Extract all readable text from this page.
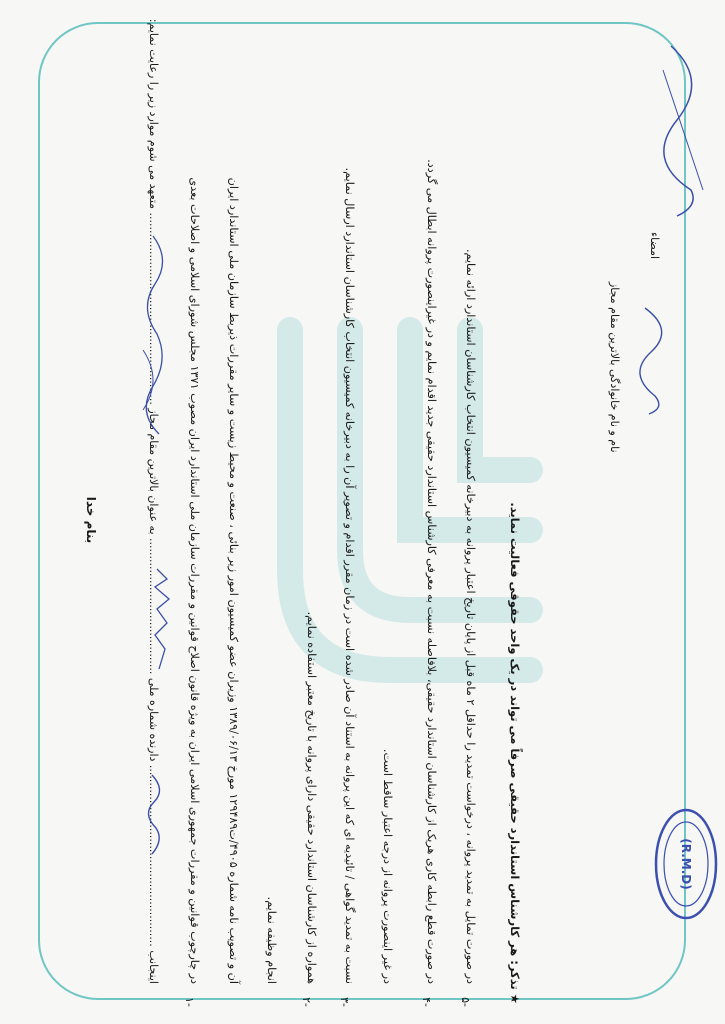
بنام خدا	اینجانب .................................................... دارنده شماره ملی ....................................... به عنوان بالاترین مقام مجاز ....................................................... متعهد می شوم موارد زیر را رعایت نمایم:
۱-
در چارچوب قوانین و مقررات جمهوری اسلامی ایران به ویژه قانون اصلاح قوانین و مقررات سازمان ملی استاندارد ایران مصوب ۱۳۷۱ مجلس شورای اسلامی و اصلاحات بعدی آن و تصویب نامه شماره ۴۹۰۵/ت۱۲۹۴۸۹ مورخ ۱۳۸۹/۰۶/۱۳ وزیران عضو کمیسیون امور زیر بنائی ، صنعت و محیط زیست و سایر مقررات ذیربط سازمان ملی استاندارد ایران انجام وظیفه نمایم.
۲-
همواره از کارشناسان استاندارد حقیقی دارای پروانه با تاریخ معتبر استفاده نمایم.
۳-
نسبت به تمدید گواهی / تائیدیه ای که این پروانه به استناد آن صادر شده است در زمان مقرر اقدام و تصویر آن را به دبیرخانه کمیسیون انتخاب کارشناسان استاندارد ارسال نمایم. در غیر اینصورت پروانه از درجه اعتبار ساقط است.
۴-
در صورت قطع رابطه کاری هریک از کارشناسان استاندارد حقیقی، بلافاصله نسبت به معرفی کارشناس استاندارد حقیقی جدید اقدام نمایم و در غیراینصورت پروانه ابطال می گردد.
۵-
در صورت تمایل به تمدید پروانه ، درخواست تمدید را حداقل ۲ ماه قبل از پایان تاریخ اعتبار پروانه به دبیرخانه کمیسیون انتخاب کارشناسان استاندارد ارائه نمایم.
★ تذکر: هر کارشناس استاندارد حقیقی صرفاً می تواند در یک واحد حقوقی فعالیت نماید.
نام و نام خانوادگی بالاترین مقام مجاز
امضاء
(R.M.D)
